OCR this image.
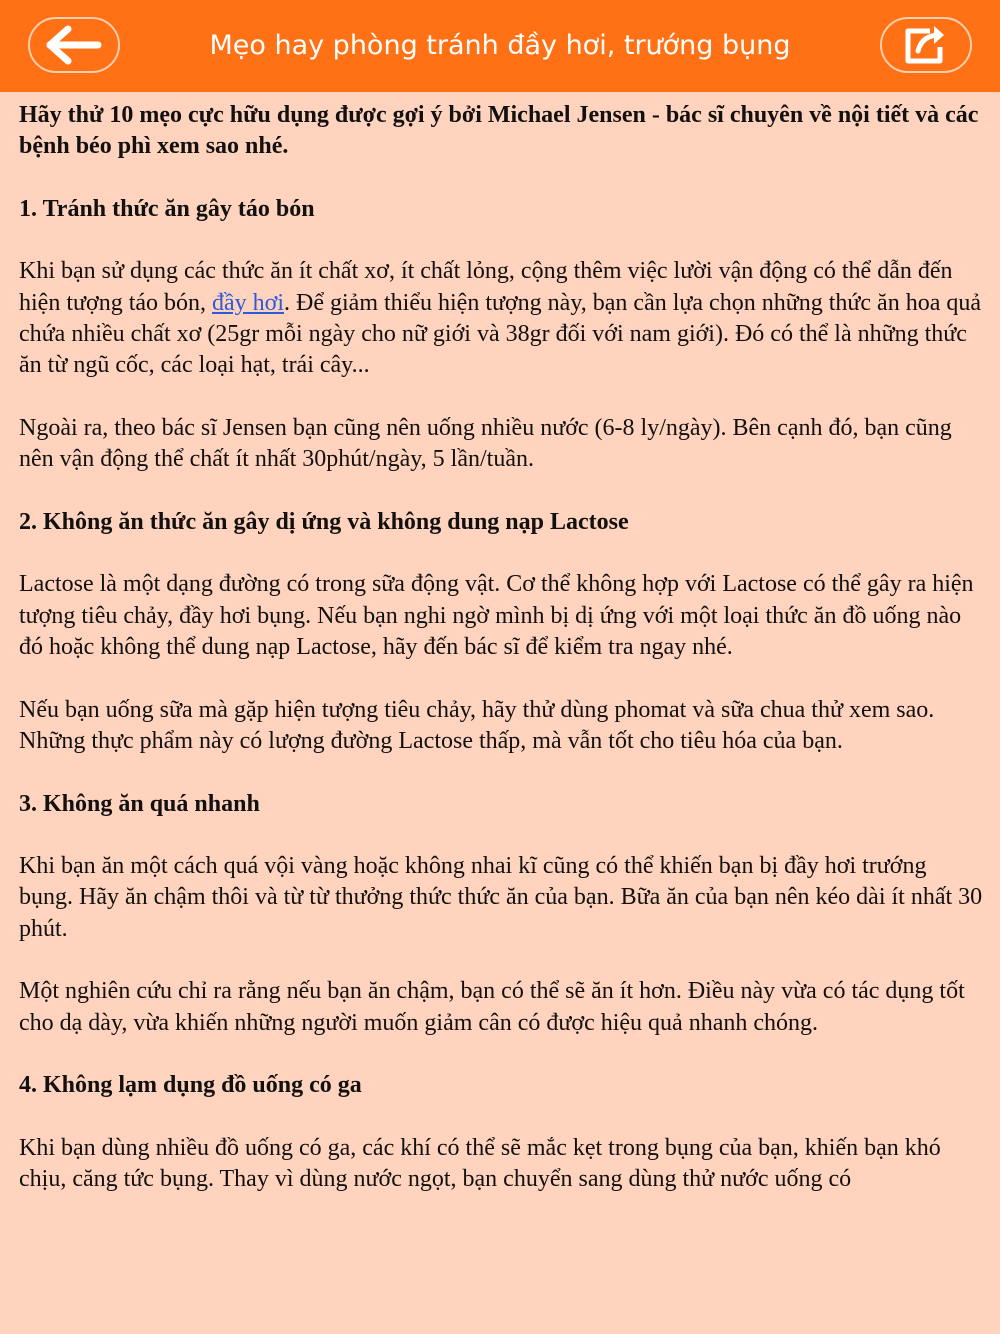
Mẹo hay phòng tránh đầy hơi, trướng bụng

Hãy thử 10 mẹo cực hữu dụng được gợi ý bởi Michael Jensen - bác sĩ chuyên về nội tiết và các bệnh béo phì xem sao nhé.

1. Tránh thức ăn gây táo bón

Khi bạn sử dụng các thức ăn ít chất xơ, ít chất lỏng, cộng thêm việc lười vận động có thể dẫn đến hiện tượng táo bón, đầy hơi. Để giảm thiểu hiện tượng này, bạn cần lựa chọn những thức ăn hoa quả chứa nhiều chất xơ (25gr mỗi ngày cho nữ giới và 38gr đối với nam giới). Đó có thể là những thức ăn từ ngũ cốc, các loại hạt, trái cây...

Ngoài ra, theo bác sĩ Jensen bạn cũng nên uống nhiều nước (6-8 ly/ngày). Bên cạnh đó, bạn cũng nên vận động thể chất ít nhất 30phút/ngày, 5 lần/tuần.

2. Không ăn thức ăn gây dị ứng và không dung nạp Lactose

Lactose là một dạng đường có trong sữa động vật. Cơ thể không hợp với Lactose có thể gây ra hiện tượng tiêu chảy, đầy hơi bụng. Nếu bạn nghi ngờ mình bị dị ứng với một loại thức ăn đồ uống nào đó hoặc không thể dung nạp Lactose, hãy đến bác sĩ để kiểm tra ngay nhé.

Nếu bạn uống sữa mà gặp hiện tượng tiêu chảy, hãy thử dùng phomat và sữa chua thử xem sao. Những thực phẩm này có lượng đường Lactose thấp, mà vẫn tốt cho tiêu hóa của bạn.

3. Không ăn quá nhanh

Khi bạn ăn một cách quá vội vàng hoặc không nhai kĩ cũng có thể khiến bạn bị đầy hơi trướng bụng. Hãy ăn chậm thôi và từ từ thưởng thức thức ăn của bạn. Bữa ăn của bạn nên kéo dài ít nhất 30 phút.

Một nghiên cứu chỉ ra rằng nếu bạn ăn chậm, bạn có thể sẽ ăn ít hơn. Điều này vừa có tác dụng tốt cho dạ dày, vừa khiến những người muốn giảm cân có được hiệu quả nhanh chóng.

4. Không lạm dụng đồ uống có ga

Khi bạn dùng nhiều đồ uống có ga, các khí có thể sẽ mắc kẹt trong bụng của bạn, khiến bạn khó chịu, căng tức bụng. Thay vì dùng nước ngọt, bạn chuyển sang dùng thử nước uống có
